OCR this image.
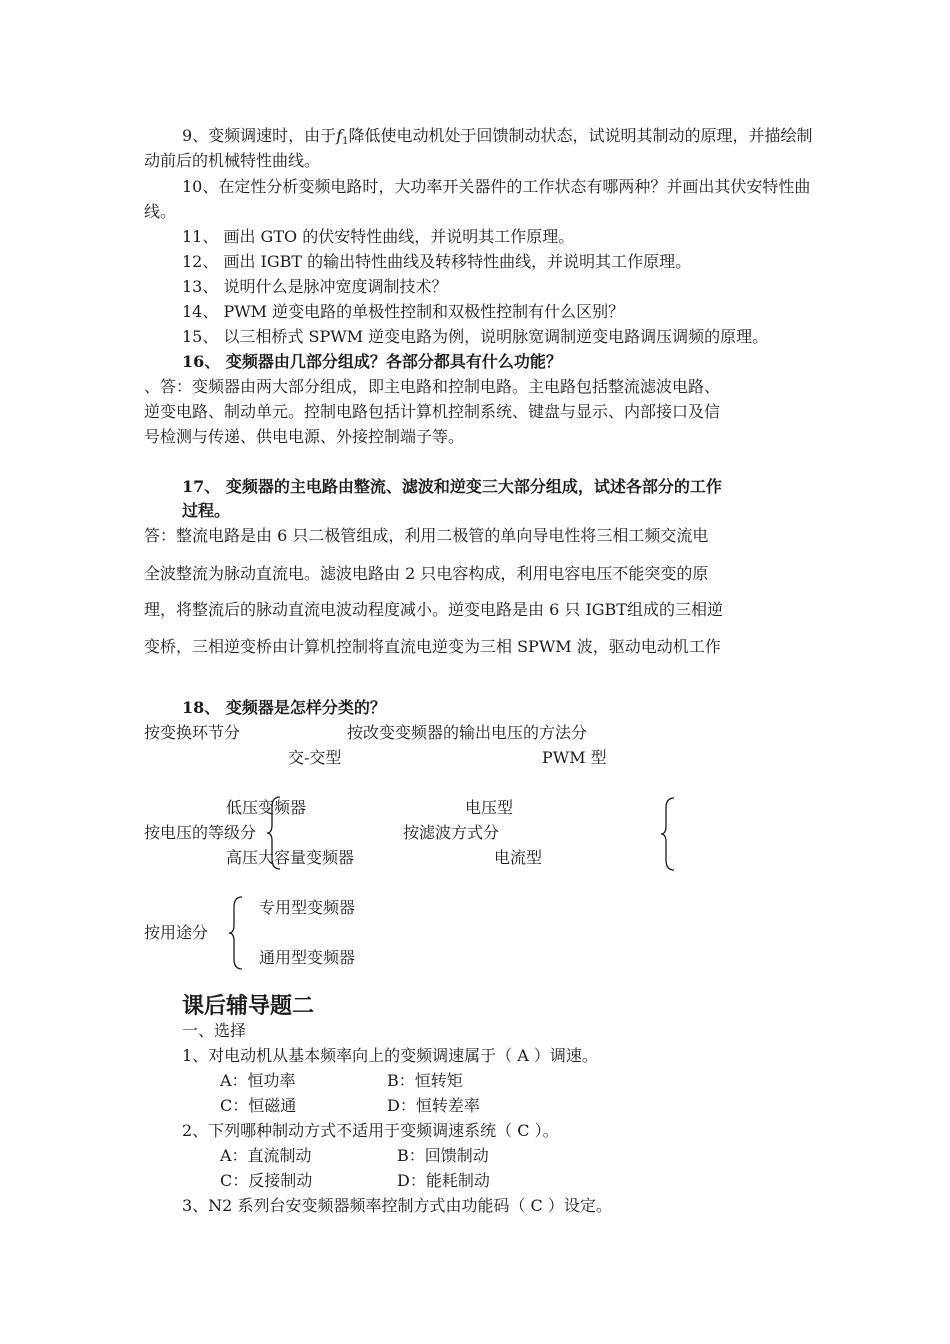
9、变频调速时，由于$f_1$降低使电动机处于回馈制动状态，试说明其制动的原理，并描绘制
动前后的机械特性曲线。
10、在定性分析变频电路时，大功率开关器件的工作状态有哪两种？并画出其伏安特性曲
线。
11、 画出 GTO 的伏安特性曲线，并说明其工作原理。
12、 画出 IGBT 的输出特性曲线及转移特性曲线，并说明其工作原理。
13、 说明什么是脉冲宽度调制技术？
14、 PWM 逆变电路的单极性控制和双极性控制有什么区别？
15、 以三相桥式 SPWM 逆变电路为例，说明脉宽调制逆变电路调压调频的原理。
16、 变频器由几部分组成？各部分都具有什么功能？
、答：变频器由两大部分组成，即主电路和控制电路。主电路包括整流滤波电路、
逆变电路、制动单元。控制电路包括计算机控制系统、键盘与显示、内部接口及信
号检测与传递、供电电源、外接控制端子等。
17、 变频器的主电路由整流、滤波和逆变三大部分组成，试述各部分的工作
过程。
答：整流电路是由 6 只二极管组成，利用二极管的单向导电性将三相工频交流电
全波整流为脉动直流电。滤波电路由 2 只电容构成，利用电容电压不能突变的原
理，将整流后的脉动直流电波动程度减小。逆变电路是由 6 只 IGBT组成的三相逆
变桥，三相逆变桥由计算机控制将直流电逆变为三相 SPWM 波，驱动电动机工作
18、 变频器是怎样分类的？
按变换环节分	按改变变频器的输出电压的方法分
交-交型	PWM 型
低压变频器	电压型
按电压的等级分	按滤波方式分
高压大容量变频器	电流型
专用型变频器
按用途分
通用型变频器
课后辅导题二
一、选择
1、对电动机从基本频率向上的变频调速属于（ A ）调速。
A：恒功率	B：恒转矩
C：恒磁通	D：恒转差率
2、下列哪种制动方式不适用于变频调速系统（ C ）。
A：直流制动	B：回馈制动
C：反接制动	D：能耗制动
3、N2 系列台安变频器频率控制方式由功能码（ C ）设定。
